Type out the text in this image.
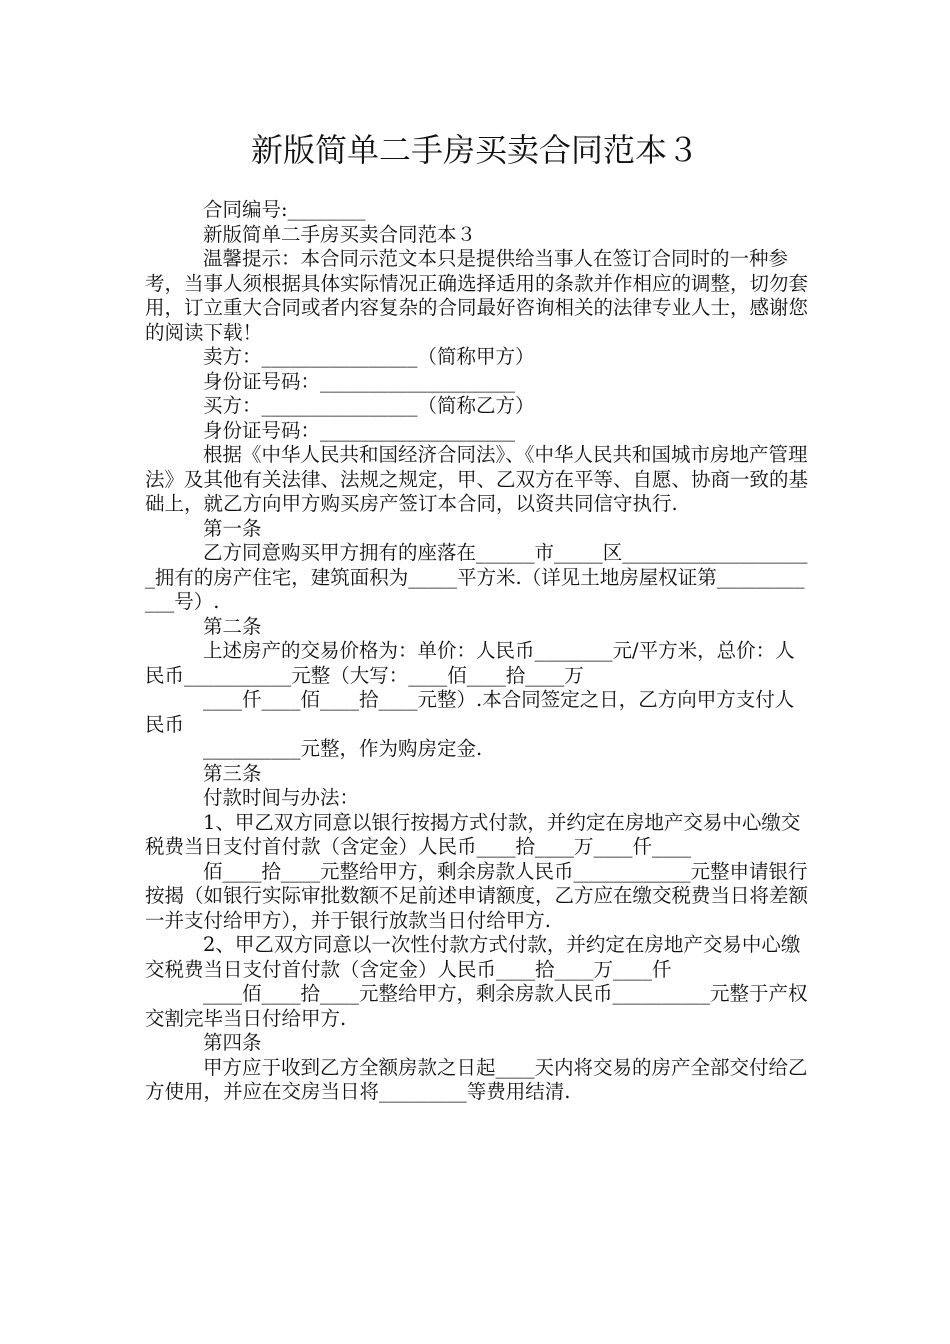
新版简单二手房买卖合同范本３

合同编号:________

新版简单二手房买卖合同范本３

温馨提示：本合同示范文本只是提供给当事人在签订合同时的一种参考，当事人须根据具体实际情况正确选择适用的条款并作相应的调整，切勿套用，订立重大合同或者内容复杂的合同最好咨询相关的法律专业人士，感谢您的阅读下载！

卖方：________________（简称甲方）

身份证号码：____________________

买方：________________（简称乙方）

身份证号码：____________________

根据《中华人民共和国经济合同法》、《中华人民共和国城市房地产管理法》及其他有关法律、法规之规定，甲、乙双方在平等、自愿、协商一致的基础上，就乙方向甲方购买房产签订本合同，以资共同信守执行.

第一条

乙方同意购买甲方拥有的座落在______市_____区____________________拥有的房产住宅，建筑面积为_____平方米.（详见土地房屋权证第____________号）.

第二条

上述房产的交易价格为：单价：人民币________元/平方米，总价：人民币___________元整（大写：____佰____拾____万

____仟____佰____拾____元整）.本合同签定之日，乙方向甲方支付人民币

__________元整，作为购房定金.

第三条

付款时间与办法：

1、甲乙双方同意以银行按揭方式付款，并约定在房地产交易中心缴交税费当日支付首付款（含定金）人民币____拾____万____仟____

佰____拾____元整给甲方，剩余房款人民币____________元整申请银行按揭（如银行实际审批数额不足前述申请额度，乙方应在缴交税费当日将差额一并支付给甲方），并于银行放款当日付给甲方.

2、甲乙双方同意以一次性付款方式付款，并约定在房地产交易中心缴交税费当日支付首付款（含定金）人民币____拾____万____仟

____佰____拾____元整给甲方，剩余房款人民币__________元整于产权交割完毕当日付给甲方.

第四条

甲方应于收到乙方全额房款之日起____天内将交易的房产全部交付给乙方使用，并应在交房当日将_________等费用结清.
